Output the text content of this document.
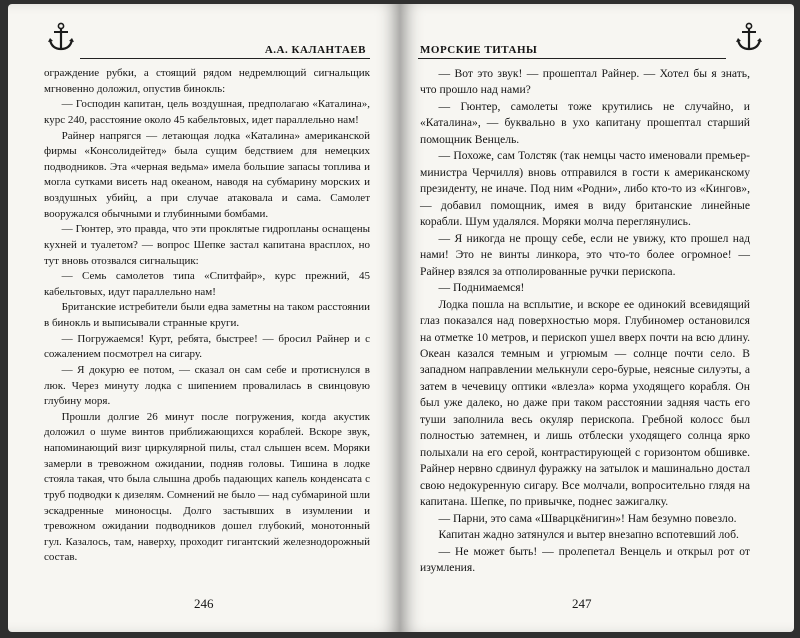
А.А. КАЛАНТАЕВ

ограждение рубки, а стоящий рядом недремлющий сигнальщик мгновенно доложил, опустив бинокль:

— Господин капитан, цель воздушная, предполагаю «Каталина», курс 240, расстояние около 45 кабельтовых, идет параллельно нам!

Райнер напрягся — летающая лодка «Каталина» американской фирмы «Консолидейтед» была сущим бедствием для немецких подводников. Эта «черная ведьма» имела большие запасы топлива и могла сутками висеть над океаном, наводя на субмарину морских и воздушных убийц, а при случае атаковала и сама. Самолет вооружался обычными и глубинными бомбами.

— Гюнтер, это правда, что эти проклятые гидропланы оснащены кухней и туалетом? — вопрос Шепке застал капитана врасплох, но тут вновь отозвался сигнальщик:

— Семь самолетов типа «Спитфайр», курс прежний, 45 кабельтовых, идут параллельно нам!

Британские истребители были едва заметны на таком расстоянии в бинокль и выписывали странные круги.

— Погружаемся! Курт, ребята, быстрее! — бросил Райнер и с сожалением посмотрел на сигару.

— Я докурю ее потом, — сказал он сам себе и протиснулся в люк. Через минуту лодка с шипением провалилась в свинцовую глубину моря.

Прошли долгие 26 минут после погружения, когда акустик доложил о шуме винтов приближающихся кораблей. Вскоре звук, напоминающий визг циркулярной пилы, стал слышен всем. Моряки замерли в тревожном ожидании, подняв головы. Тишина в лодке стояла такая, что была слышна дробь падающих капель конденсата с труб подводки к дизелям. Сомнений не было — над субмариной шли эскадренные миноносцы. Долго застывших в изумлении и тревожном ожидании подводников дошел глубокий, монотонный гул. Казалось, там, наверху, проходит гигантский железнодорожный состав.

246
МОРСКИЕ ТИТАНЫ

— Вот это звук! — прошептал Райнер. — Хотел бы я знать, что прошло над нами?

— Гюнтер, самолеты тоже крутились не случайно, и «Каталина», — буквально в ухо капитану прошептал старший помощник Венцель.

— Похоже, сам Толстяк (так немцы часто именовали премьер-министра Черчилля) вновь отправился в гости к американскому президенту, не иначе. Под ним «Родни», либо кто-то из «Кингов», — добавил помощник, имея в виду британские линейные корабли. Шум удалялся. Моряки молча переглянулись.

— Я никогда не прощу себе, если не увижу, кто прошел над нами! Это не винты линкора, это что-то более огромное! — Райнер взялся за отполированные ручки перископа.

— Поднимаемся!

Лодка пошла на всплытие, и вскоре ее одинокий всевидящий глаз показался над поверхностью моря. Глубиномер остановился на отметке 10 метров, и перископ ушел вверх почти на всю длину. Океан казался темным и угрюмым — солнце почти село. В западном направлении мелькнули серо-бурые, неясные силуэты, а затем в чечевицу оптики «влезла» корма уходящего корабля. Он был уже далеко, но даже при таком расстоянии задняя часть его туши заполнила весь окуляр перископа. Гребной колосс был полностью затемнен, и лишь отблески уходящего солнца ярко полыхали на его серой, контрастирующей с горизонтом обшивке. Райнер нервно сдвинул фуражку на затылок и машинально достал свою недокуренную сигару. Все молчали, вопросительно глядя на капитана. Шепке, по привычке, поднес зажигалку.

— Парни, это сама «Шварцкёнигин»! Нам безумно повезло.

Капитан жадно затянулся и вытер внезапно вспотевший лоб.

— Не может быть! — пролепетал Венцель и открыл рот от изумления.

247
